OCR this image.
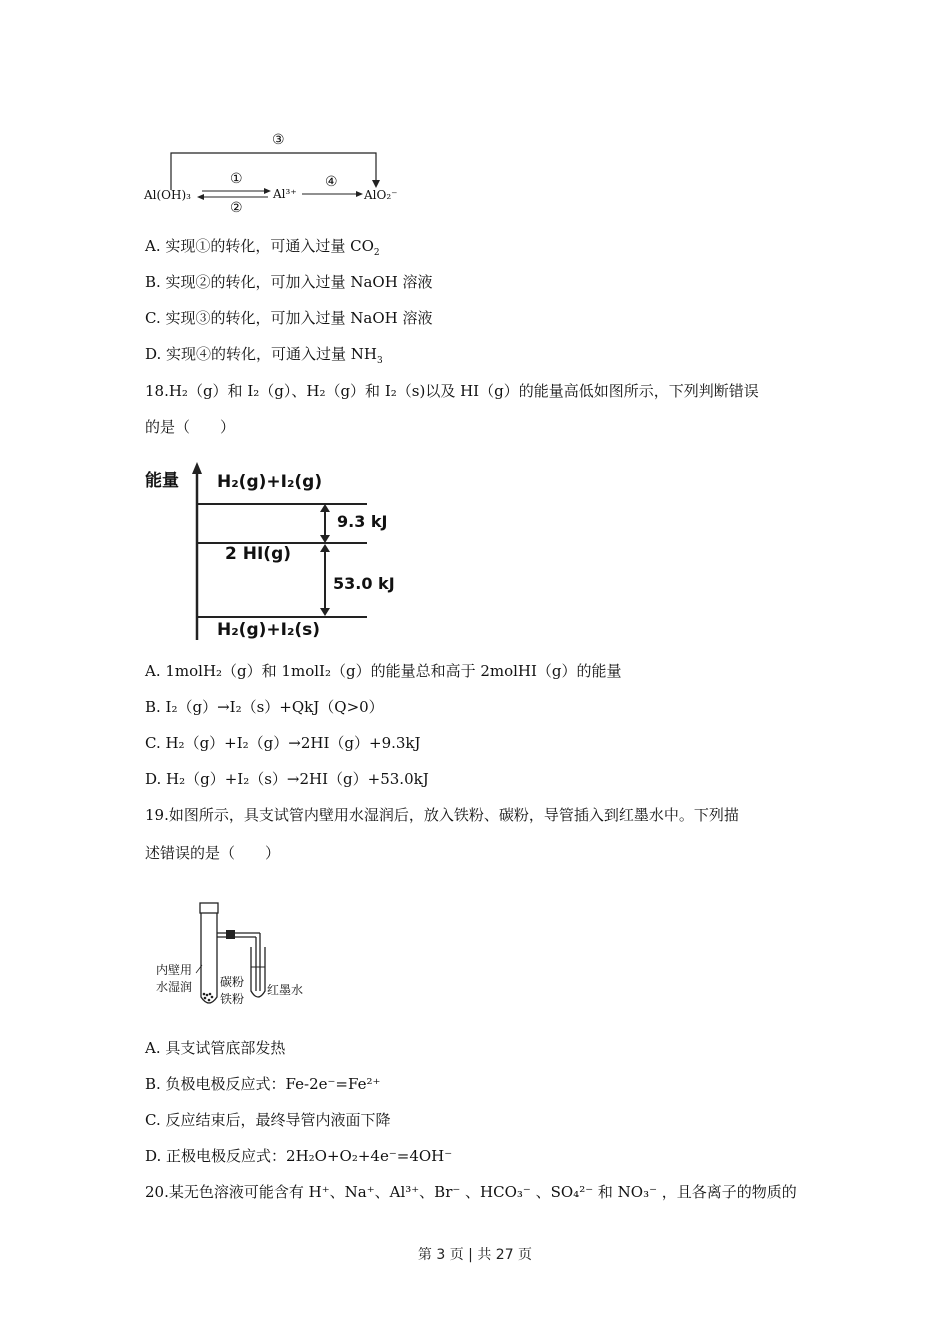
Al(OH)₃	Al³⁺	AlO₂⁻
①
②
③
④
A. 实现①的转化，可通入过量 $CO_2$
B. 实现②的转化，可加入过量 NaOH 溶液
C. 实现③的转化，可加入过量 NaOH 溶液
D. 实现④的转化，可通入过量 $NH_3$
18.H₂（g）和 I₂（g）、H₂（g）和 I₂（s)以及 HI（g）的能量高低如图所示，下列判断错误
的是（　　）
能量 H₂(g)+I₂(g)
2 HI(g)
H₂(g)+I₂(s)
9.3 kJ
53.0 kJ
A. 1molH₂（g）和 1molI₂（g）的能量总和高于 2molHI（g）的能量
B. I₂（g）→I₂（s）+QkJ（Q>0）
C. H₂（g）+I₂（g）→2HI（g）+9.3kJ
D. H₂（g）+I₂（s）→2HI（g）+53.0kJ
19.如图所示，具支试管内壁用水湿润后，放入铁粉、碳粉，导管插入到红墨水中。下列描
述错误的是（　　）
内壁用
水湿润 碳粉
铁粉
红墨水
A. 具支试管底部发热
B. 负极电极反应式：Fe-2e⁻=Fe²⁺
C. 反应结束后，最终导管内液面下降
D. 正极电极反应式：2H₂O+O₂+4e⁻=4OH⁻
20.某无色溶液可能含有 H⁺、Na⁺、Al³⁺、Br⁻ 、HCO₃⁻ 、SO₄²⁻ 和 NO₃⁻ ，且各离子的物质的
第 3 页 | 共 27 页
